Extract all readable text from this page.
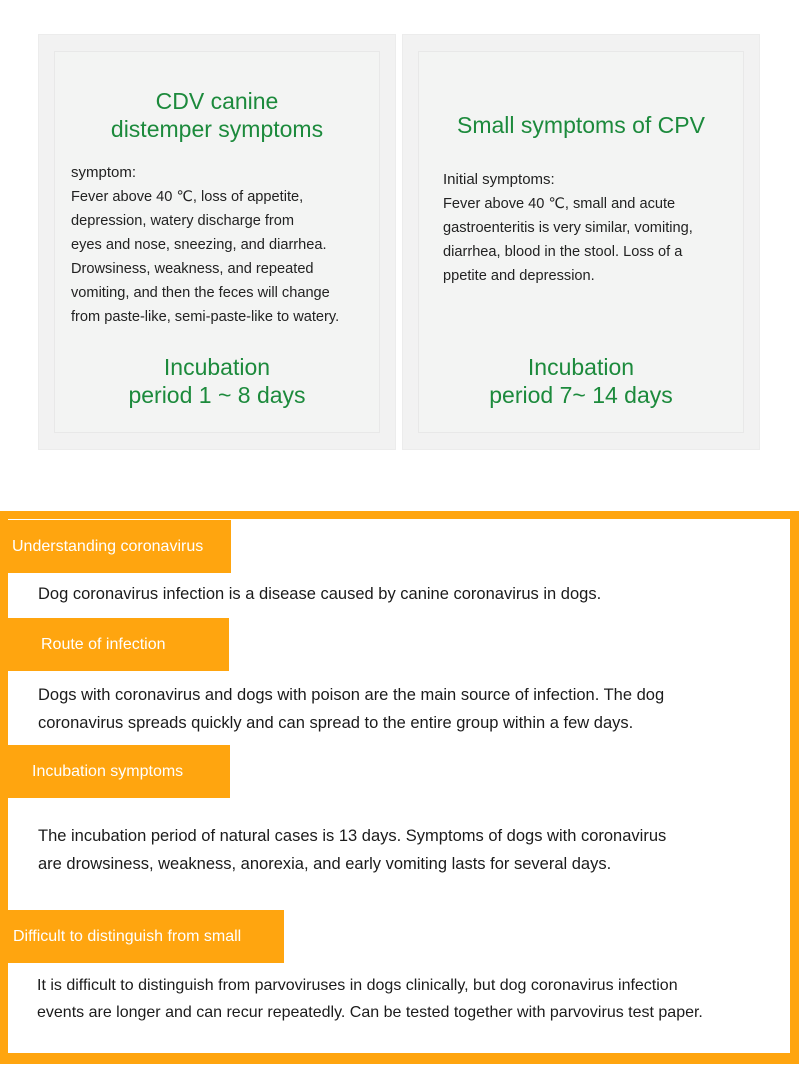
CDV canine
distemper symptoms
symptom:
Fever above 40 ℃, loss of appetite,
depression, watery discharge from
eyes and nose, sneezing, and diarrhea.
Drowsiness, weakness, and repeated
vomiting, and then the feces will change
from paste-like, semi-paste-like to watery.
Incubation
period 1 ~ 8 days
Small symptoms of CPV
Initial symptoms:
Fever above 40 ℃, small and acute
gastroenteritis is very similar, vomiting,
diarrhea, blood in the stool. Loss of a
ppetite and depression.
Incubation
period 7~ 14 days
Understanding coronavirus
Dog coronavirus infection is a disease caused by canine coronavirus in dogs.
Route of infection
Dogs with coronavirus and dogs with poison are the main source of infection. The dog
coronavirus spreads quickly and can spread to the entire group within a few days.
Incubation symptoms
The incubation period of natural cases is 13 days. Symptoms of dogs with coronavirus
are drowsiness, weakness, anorexia, and early vomiting lasts for several days.
Difficult to distinguish from small
It is difficult to distinguish from parvoviruses in dogs clinically, but dog coronavirus infection
events are longer and can recur repeatedly. Can be tested together with parvovirus test paper.
